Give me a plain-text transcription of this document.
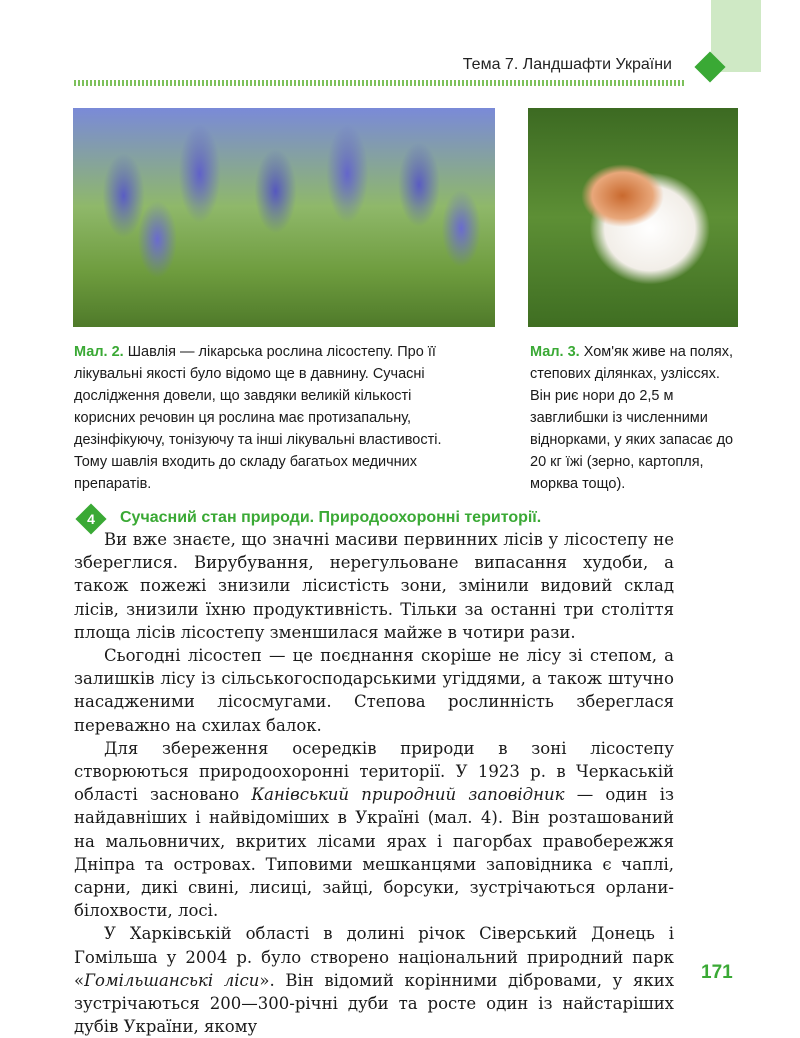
Тема 7. Ландшафти України
Мал. 2. Шавлія — лікарська рослина лісостепу. Про її лікувальні якості було відомо ще в давнину. Сучасні дослідження довели, що завдяки великій кількості корисних речовин ця рослина має протизапальну, дезінфікуючу, тонізуючу та інші лікувальні властивості. Тому шавлія входить до складу багатьох медичних препаратів.
Мал. 3. Хом'як живе на полях, степових ділянках, узліссях. Він риє нори до 2,5 м завглибшки із численними віднорками, у яких запасає до 20 кг їжі (зерно, картопля, морква тощо).
4	Сучасний стан природи. Природоохоронні території.

Ви вже знаєте, що значні масиви первинних лісів у лісостепу не збереглися. Вирубування, нерегульоване випасання худоби, а також пожежі знизили лісистість зони, змінили видовий склад лісів, знизили їхню продуктивність. Тільки за останні три століття площа лісів лісостепу зменшилася майже в чотири рази.

Сьогодні лісостеп — це поєднання скоріше не лісу зі степом, а залишків лісу із сільськогосподарськими угіддями, а також штучно насадженими лісосмугами. Степова рослинність збереглася переважно на схилах балок.

Для збереження осередків природи в зоні лісостепу створюються природоохоронні території. У 1923 р. в Черкаській області засновано Канівський природний заповідник — один із найдавніших і найвідоміших в Україні (мал. 4). Він розташований на мальовничих, вкритих лісами ярах і пагорбах правобережжя Дніпра та островах. Типовими мешканцями заповідника є чаплі, сарни, дикі свині, лисиці, зайці, борсуки, зустрічаються орлани-білохвости, лосі.

У Харківській області в долині річок Сіверський Донець і Гомільша у 2004 р. було створено національний природний парк «Гомільшанські ліси». Він відомий корінними дібровами, у яких зустрічаються 200—300-річні дуби та росте один із найстаріших дубів України, якому

171
